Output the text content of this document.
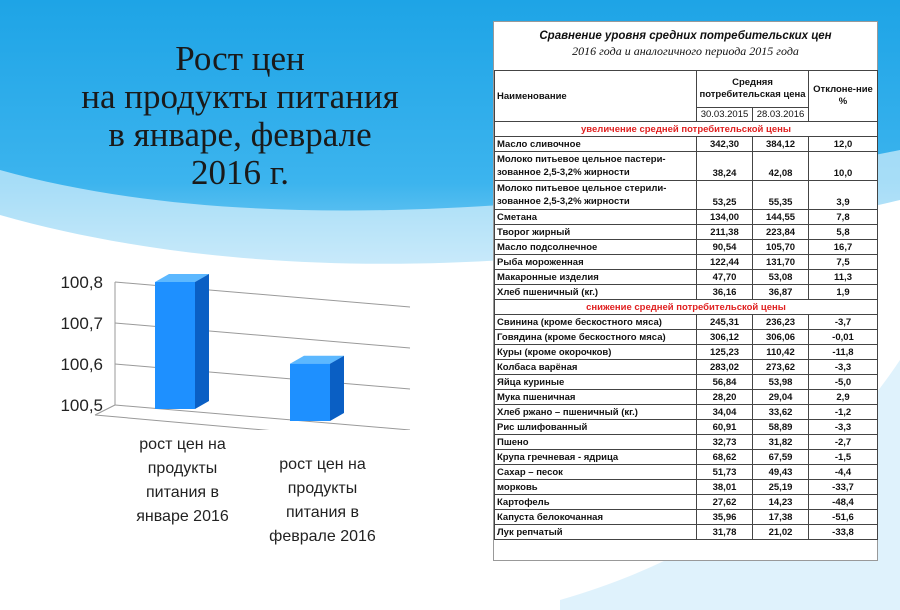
Рост цен
на продукты питания
в январе, феврале
2016 г.
100,8
100,7
100,6
100,5
рост цен на
продукты
питания в
январе 2016
рост цен на
продукты
питания в
феврале 2016
Сравнение уровня средних потребительских цен
2016 года и аналогичного периода 2015 года
Наименование	Средняя потребительская цена		Отклоне-ние %
	30.03.2015	28.03.2016	
увеличение средней потребительской цены			
Масло сливочное	342,30	384,12	12,0
Молоко питьевое цельное пастери-зованное 2,5-3,2% жирности	38,24	42,08	10,0
Молоко питьевое цельное стерили-зованное 2,5-3,2% жирности	53,25	55,35	3,9
Сметана	134,00	144,55	7,8
Творог жирный	211,38	223,84	5,8
Масло подсолнечное	90,54	105,70	16,7
Рыба мороженная	122,44	131,70	7,5
Макаронные изделия	47,70	53,08	11,3
Хлеб пшеничный (кг.)	36,16	36,87	1,9
снижение средней потребительской цены			
Свинина (кроме бескостного мяса)	245,31	236,23	-3,7
Говядина (кроме бескостного мяса)	306,12	306,06	-0,01
Куры (кроме окорочков)	125,23	110,42	-11,8
Колбаса варёная	283,02	273,62	-3,3
Яйца куриные	56,84	53,98	-5,0
Мука пшеничная	28,20	29,04	2,9
Хлеб ржано – пшеничный (кг.)	34,04	33,62	-1,2
Рис шлифованный	60,91	58,89	-3,3
Пшено	32,73	31,82	-2,7
Крупа гречневая - ядрица	68,62	67,59	-1,5
Сахар – песок	51,73	49,43	-4,4
морковь	38,01	25,19	-33,7
Картофель	27,62	14,23	-48,4
Капуста белокочанная	35,96	17,38	-51,6
Лук репчатый	31,78	21,02	-33,8
